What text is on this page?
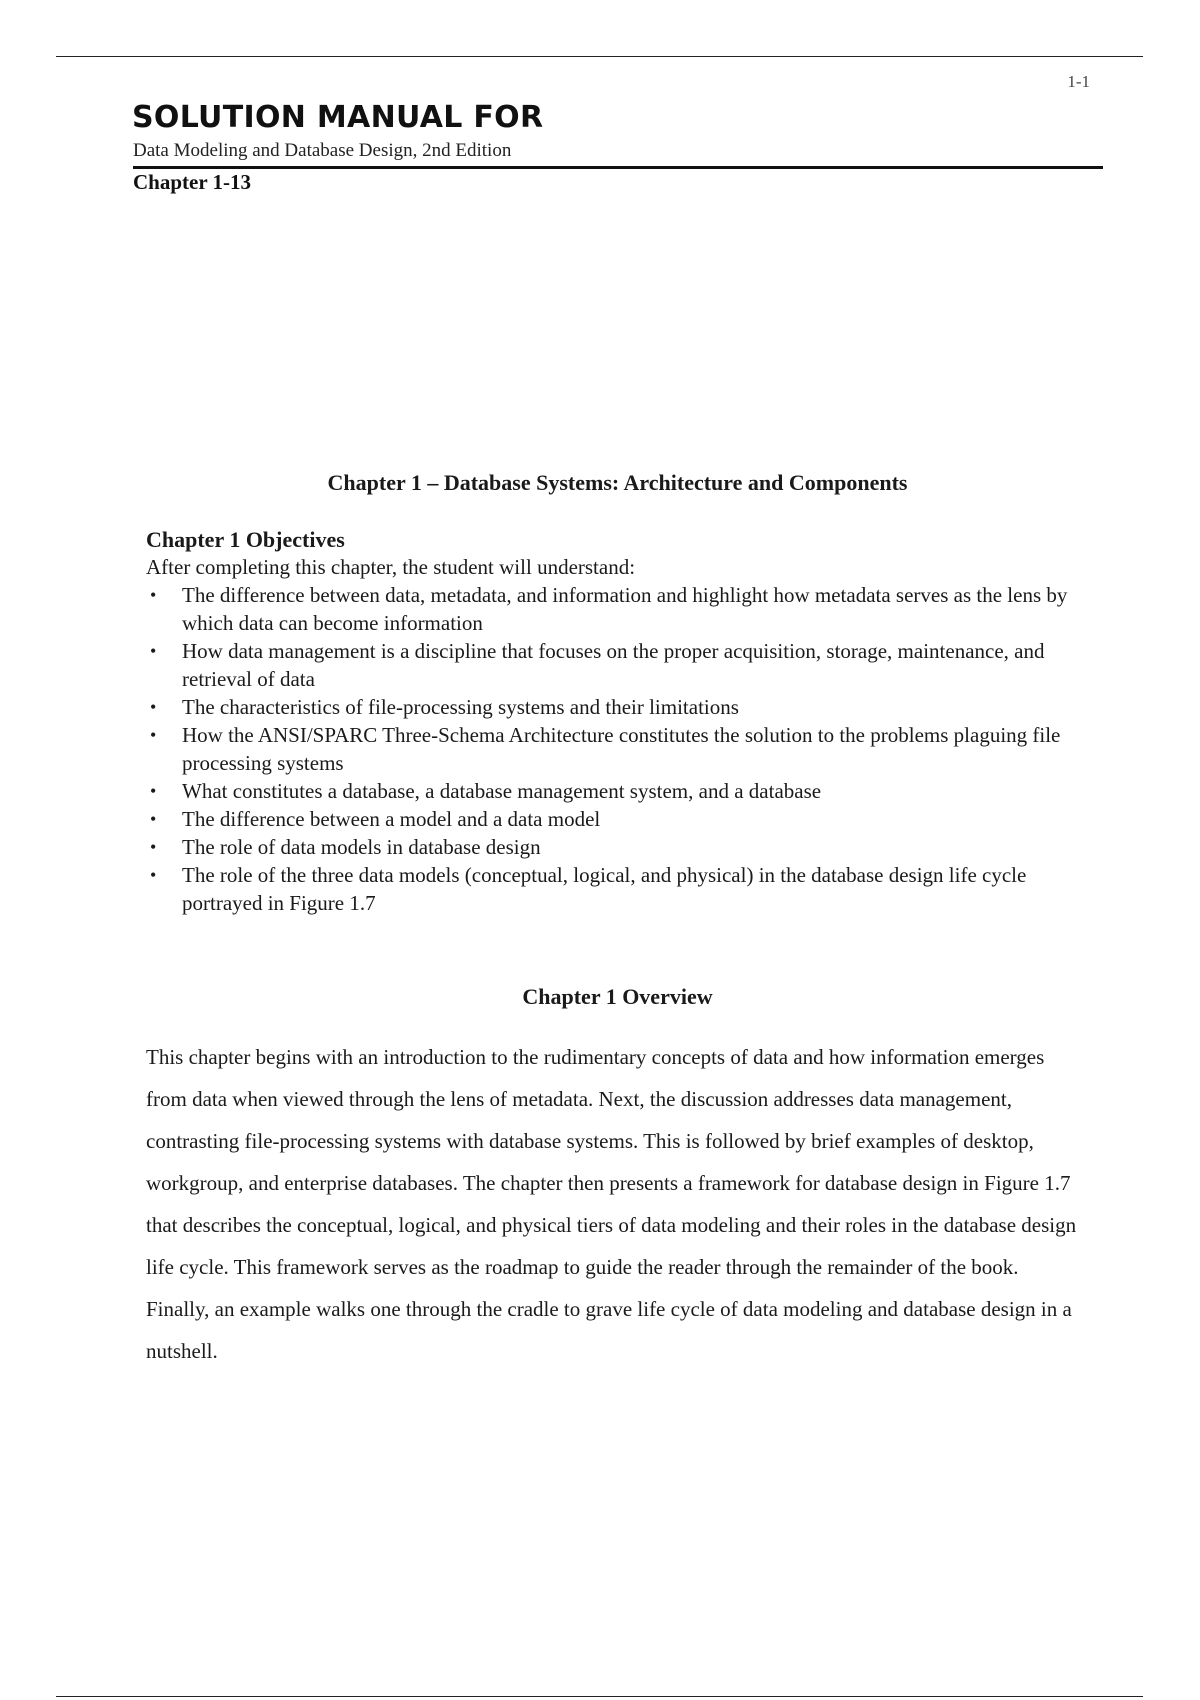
1-1
SOLUTION MANUAL FOR
Data Modeling and Database Design, 2nd Edition
Chapter 1-13
Chapter 1 – Database Systems: Architecture and Components
Chapter 1 Objectives

After completing this chapter, the student will understand:

• The difference between data, metadata, and information and highlight how metadata serves as the lens by which data can become information
• How data management is a discipline that focuses on the proper acquisition, storage, maintenance, and retrieval of data
• The characteristics of file-processing systems and their limitations
• How the ANSI/SPARC Three-Schema Architecture constitutes the solution to the problems plaguing file processing systems
• What constitutes a database, a database management system, and a database
• The difference between a model and a data model
• The role of data models in database design
• The role of the three data models (conceptual, logical, and physical) in the database design life cycle portrayed in Figure 1.7
Chapter 1 Overview

This chapter begins with an introduction to the rudimentary concepts of data and how information emerges from data when viewed through the lens of metadata. Next, the discussion addresses data management, contrasting file-processing systems with database systems. This is followed by brief examples of desktop, workgroup, and enterprise databases. The chapter then presents a framework for database design in Figure 1.7 that describes the conceptual, logical, and physical tiers of data modeling and their roles in the database design life cycle. This framework serves as the roadmap to guide the reader through the remainder of the book. Finally, an example walks one through the cradle to grave life cycle of data modeling and database design in a nutshell.
